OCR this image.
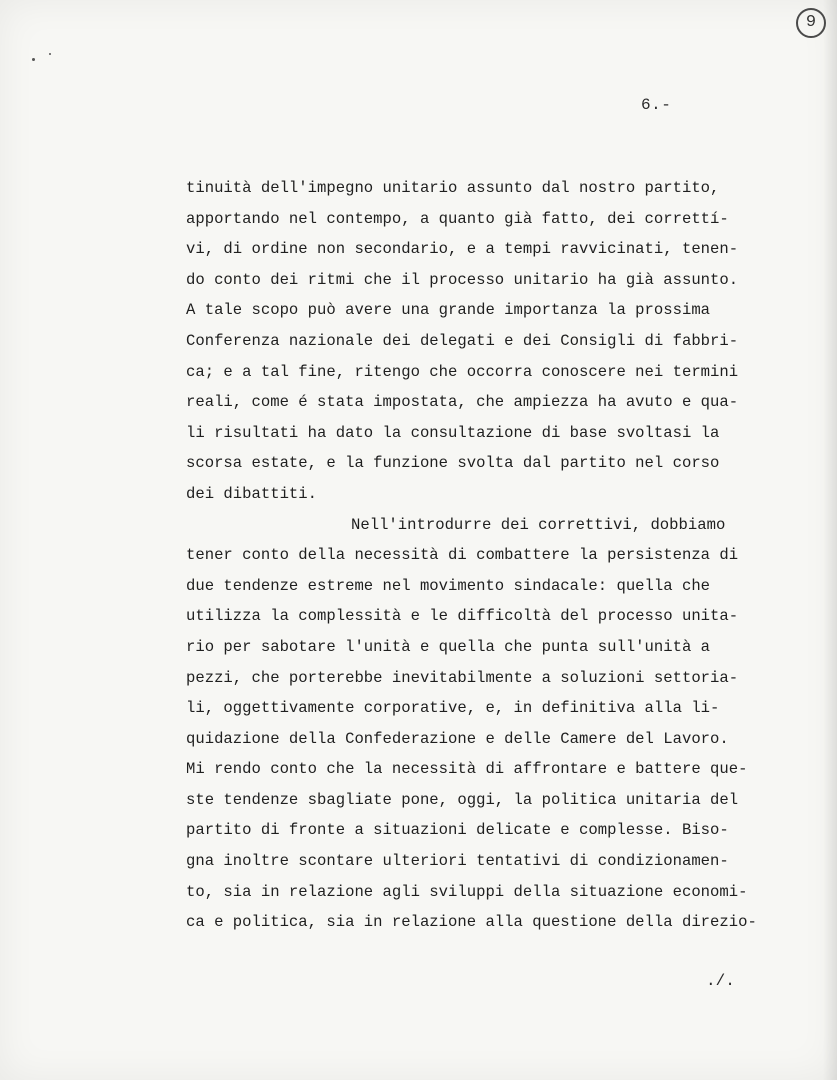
9
6.-
tinuità dell'impegno unitario assunto dal nostro partito,
apportando nel contempo, a quanto già fatto, dei correttí-
vi, di ordine non secondario, e a tempi ravvicinati, tenen-
do conto dei ritmi che il processo unitario ha già assunto.
A tale scopo può avere una grande importanza la prossima
Conferenza nazionale dei delegati e dei Consigli di fabbri-
ca; e a tal fine, ritengo che occorra conoscere nei termini
reali, come é stata impostata, che ampiezza ha avuto e qua-
li risultati ha dato la consultazione di base svoltasi la
scorsa estate, e la funzione svolta dal partito nel corso
dei dibattiti.
Nell'introdurre dei correttivi, dobbiamo
tener conto della necessità di combattere la persistenza di
due tendenze estreme nel movimento sindacale: quella che
utilizza la complessità e le difficoltà del processo unita-
rio per sabotare l'unità e quella che punta sull'unità a
pezzi, che porterebbe inevitabilmente a soluzioni settoria-
li, oggettivamente corporative, e, in definitiva alla li-
quidazione della Confederazione e delle Camere del Lavoro.
Mi rendo conto che la necessità di affrontare e battere que-
ste tendenze sbagliate pone, oggi, la politica unitaria del
partito di fronte a situazioni delicate e complesse. Biso-
gna inoltre scontare ulteriori tentativi di condizionamen-
to, sia in relazione agli sviluppi della situazione economi-
ca e politica, sia in relazione alla questione della direzio-
./.
